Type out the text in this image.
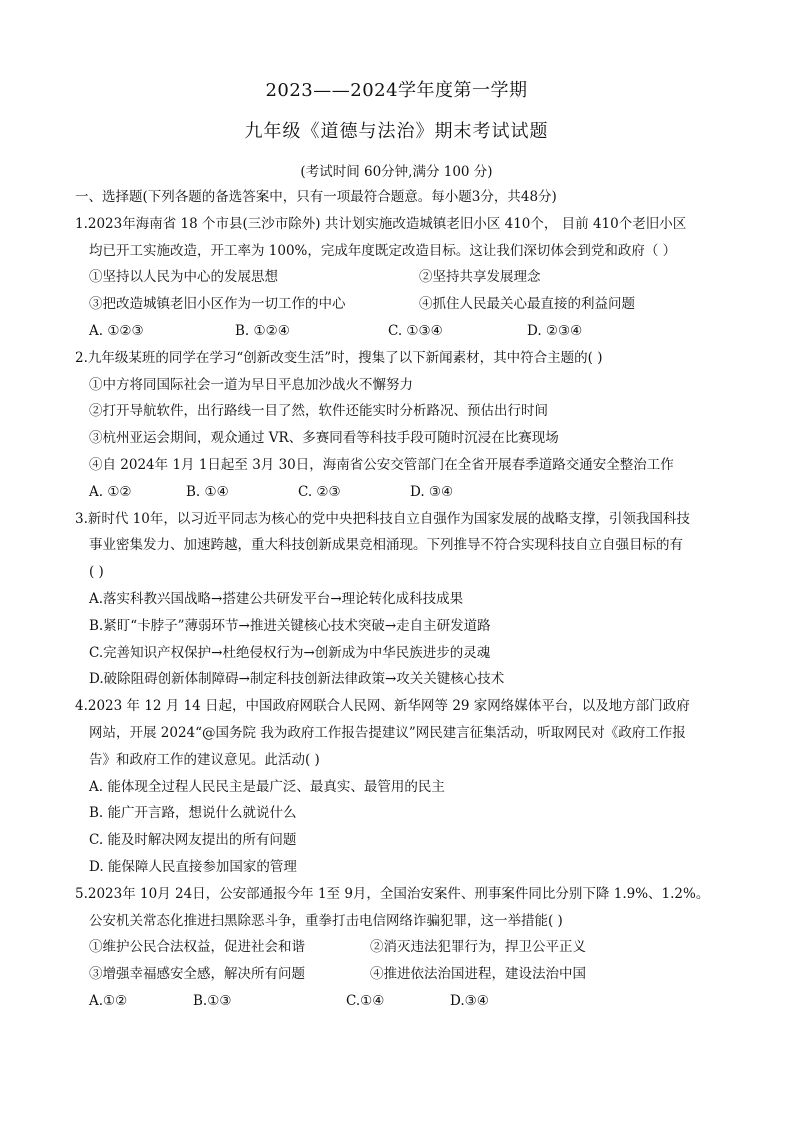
2023——2024学年度第一学期
九年级《道德与法治》期末考试试题
(考试时间 60分钟,满分 100 分)
一、选择题(下列各题的备选答案中，只有一项最符合题意。每小题3分，共48分)
1.2023年海南省 18 个市县(三沙市除外) 共计划实施改造城镇老旧小区 410个， 目前 410个老旧小区
均已开工实施改造，开工率为 100%，完成年度既定改造目标。这让我们深切体会到党和政府（ ）
①坚持以人民为中心的发展思想	②坚持共享发展理念
③把改造城镇老旧小区作为一切工作的中心	④抓住人民最关心最直接的利益问题
A. ①②③	B. ①②④	C. ①③④	D. ②③④
2.九年级某班的同学在学习“创新改变生活”时，搜集了以下新闻素材，其中符合主题的( )
①中方将同国际社会一道为早日平息加沙战火不懈努力
②打开导航软件，出行路线一目了然，软件还能实时分析路况、预估出行时间
③杭州亚运会期间，观众通过 VR、多赛同看等科技手段可随时沉浸在比赛现场
④自 2024年 1月 1日起至 3月 30日，海南省公安交管部门在全省开展春季道路交通安全整治工作
A. ①②	B. ①④	C. ②③	D. ③④
3.新时代 10年，以习近平同志为核心的党中央把科技自立自强作为国家发展的战略支撑，引领我国科技
事业密集发力、加速跨越，重大科技创新成果竞相涌现。下列推导不符合实现科技自立自强目标的有
( )
A.落实科教兴国战略→搭建公共研发平台→理论转化成科技成果
B.紧盯“卡脖子”薄弱环节→推进关键核心技术突破→走自主研发道路
C.完善知识产权保护→杜绝侵权行为→创新成为中华民族进步的灵魂
D.破除阻碍创新体制障碍→制定科技创新法律政策→攻关关键核心技术
4.2023 年 12 月 14 日起，中国政府网联合人民网、新华网等 29 家网络媒体平台，以及地方部门政府
网站，开展 2024“@国务院 我为政府工作报告提建议”网民建言征集活动，听取网民对《政府工作报
告》和政府工作的建议意见。此活动( )
A. 能体现全过程人民民主是最广泛、最真实、最管用的民主
B. 能广开言路，想说什么就说什么
C. 能及时解决网友提出的所有问题
D. 能保障人民直接参加国家的管理
5.2023年 10月 24日，公安部通报今年 1至 9月，全国治安案件、刑事案件同比分别下降 1.9%、1.2%。
公安机关常态化推进扫黑除恶斗争，重拳打击电信网络诈骗犯罪，这一举措能( )
①维护公民合法权益，促进社会和谐	②消灭违法犯罪行为，捍卫公平正义
③增强幸福感安全感，解决所有问题	④推进依法治国进程，建设法治中国
A.①②	B.①③	C.①④	D.③④
